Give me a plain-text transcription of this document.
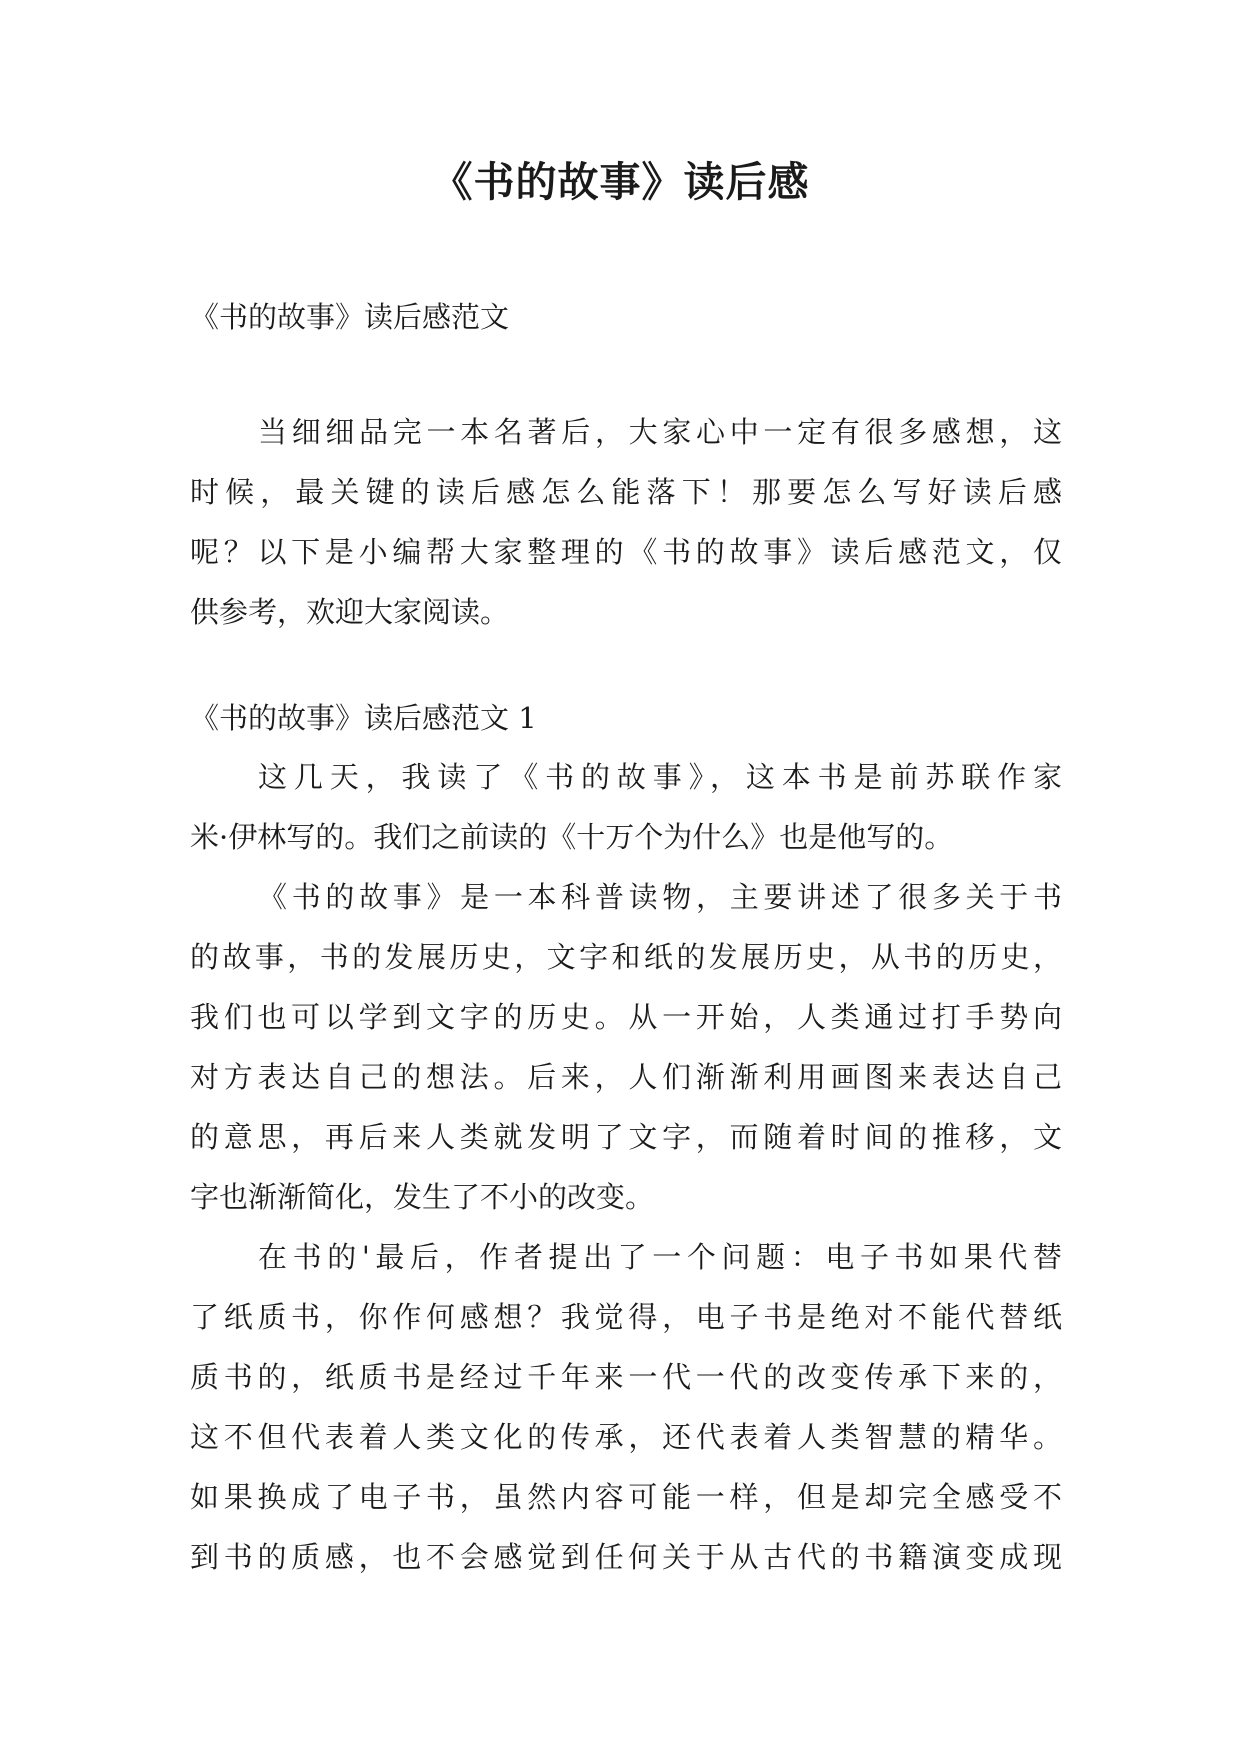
《书的故事》读后感

《书的故事》读后感范文

当细细品完一本名著后，大家心中一定有很多感想，这
时候，最关键的读后感怎么能落下！那要怎么写好读后感
呢？以下是小编帮大家整理的《书的故事》读后感范文，仅
供参考，欢迎大家阅读。

《书的故事》读后感范文 1

这几天，我读了《书的故事》，这本书是前苏联作家
米·伊林写的。我们之前读的《十万个为什么》也是他写的。
《书的故事》是一本科普读物，主要讲述了很多关于书
的故事，书的发展历史，文字和纸的发展历史，从书的历史，
我们也可以学到文字的历史。从一开始，人类通过打手势向
对方表达自己的想法。后来，人们渐渐利用画图来表达自己
的意思，再后来人类就发明了文字，而随着时间的推移，文
字也渐渐简化，发生了不小的改变。
在书的'最后，作者提出了一个问题：电子书如果代替
了纸质书，你作何感想？我觉得，电子书是绝对不能代替纸
质书的，纸质书是经过千年来一代一代的改变传承下来的，
这不但代表着人类文化的传承，还代表着人类智慧的精华。
如果换成了电子书，虽然内容可能一样，但是却完全感受不
到书的质感，也不会感觉到任何关于从古代的书籍演变成现
